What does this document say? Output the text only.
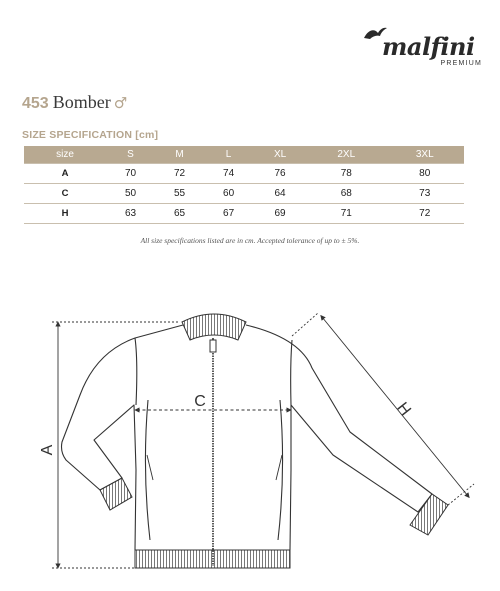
malfini
PREMIUM
453 Bomber ♂
SIZE SPECIFICATION [cm]
size	S	M	L	XL	2XL	3XL
A	70	72	74	76	78	80
C	50	55	60	64	68	73
H	63	65	67	69	71	72
All size specifications listed are in cm. Accepted tolerance of up to ± 5%.
A
C	H
